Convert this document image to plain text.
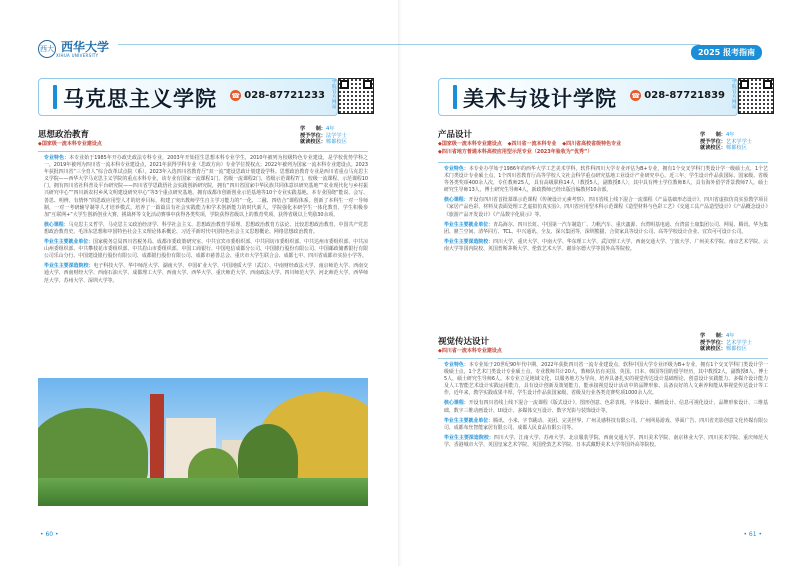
西大 西华大学
XIHUA UNIVERSITY
马克思主义学院 ☎ 028-87721233
学院官方网站
思想政治教育
◆国家级一流本科专业建设点
学　　制：4年
授予学位：法学学士
就读校区：郫都校区
专业特色：本专业始于1985年开办政史政法专科专业，2003年开始招生思想本科专业学生，2010年被列为校级特色专业建设，是学校优势学科之一。2019年被列为四川省一流本科专业建设点，2021年获得学科专业（思政方向）专业学位授权点；2022年被列为国家一流本科专业建设点。2023年获批四川省“三全育人”综合改革试点院（系）。2023年入选四川省教育厅“双一流”建设思政计划建设学科。思想政治教育专业是西川省重点马克思主义学院——西华大学马克思主义学院的重点本科专业，该专业有国家一流课程1门、省级一流课程2门、省级示范课程7门，校级一流课程、示范课程10门。拥有四川省社科普及平台研究院——四川省学思践悟社会实践创新研究院，拥有“四川省国家中华民族共同体意识研究基地”“农业现代化与乡村振兴研究中心”“四川新农村乡风文明建设研究中心”等3个重点研究基地。拥有成都市创新创业示范基地等10个专业实践基地。本专业围绕“能说、会写、善思、明辨、有情怀”的思政应用型人才的培养目标，构建了突出教师学生自主学习能力的“一化、二融、四结合”课程体系。创新了本科生一对一导师制，一对一考研辅导制等人才培养模式。培养了一篇篇具有社会实践能力和学术创新能力的时代新人，学院强化本研学生一体化教育，学生积极参加“互联网+”大学生创新创业大赛，挑战杯等文化活动赛事中获得各类奖项，学院获得省级以上的教育奖项，获得省级以上奖励30余项。
核心课程：马克思主义哲学、马克思主义政治经济学、科学社会主义、思想政治教育学原理、思想政治教育方法论、比较思想政治教育、中国共产党思想政治教育史、毛泽东思想和中国特色社会主义理论体系概论、习近平新时代中国特色社会主义思想概论、网络思想政治教育。
毕业生主要就业单位：国家税务总局四川省税务局、成都市委政策研究室、中共宜宾市委组织部、中共同坊市委组织部、中共达州市委组织部、中共凉山州委组织部、中共攀枝花市委组织部、中共眉山市委组织部、中国工商银行、中国电信成都分公司、中国银行股份有限公司、中国邮政储蓄银行有限公司乐山分行、中国建设银行股份有限公司、成都银行股份有限公司、成都市慈善总会、重庆市大学生联合会、成都七中、四川省成都市实验小学等。
毕业生主要深造院校：电子科技大学、华中师范大学、湖南大学、中国矿业大学、中国地质大学（武汉）、中南财经政法大学、南京师范大学、西南交通大学、西南财经大学、西南石油大学、成都理工大学、西南大学、西华大学、重庆师范大学、西南政法大学、四川师范大学、河北师范大学、西华师范大学、苏州大学、深圳大学等。
• 60 •
2025 报考指南
美术与设计学院 ☎ 028-87721839
学院官方网站
产品设计
◆国家级一流本科专业建设点 ◆四川省一流本科专业 ◆四川省高校省级特色专业 ◆四川省地方普通本科高校应用型示范专业（2023年验收为“优秀”）
学　　制：4年
授予学位：艺术学学士
就读校区：郫都校区
专业特色：本专业办学始于1986年的西华大学工艺美术学科，软件科四川大学专业评估为B+专业，拥有1个交叉学科门类设计学一级硕士点，1个艺术门类设计专业硕士点，1个四川省教育厅高等学校人文社会科学重点研究基地工业设计产业研究中心。近三年，学生设计作品获国际、国家级、省级等各类奖项400余人次，专任教师25人，具有高级职称14人（教授5人，副教授8人），其中具有博士学位教师8人，具有海外留学背景教师7人，硕士研究生导师13人，博士研究生导师4人，新政教师已经出版自编教材10余部。
核心课程：开设有四川省首批慕课示范课程《传统设计元素考察》，四川省线上线下混合一流课程《产品基础形态设计》，四川省虚拟仿真实验教学项目《家居产品色彩、材料及表面处理工艺虚拟仿真实验》、四川省应用型本科示范课程《造型材料与色彩工艺》《交通工具产品造型设计》《产品概念设计》《旅游产品开发设计》《产品数字化展示》等。
毕业生主要就业单位：青岛海尔、四川长虹、中国第一汽车制造厂、力帆汽车、重庆鑫源、台湾明基电通、台湾富士康集团公司、网易、腾讯、华为集团、鼎兰空间、清华同方、TCL、中兴通讯、全友、深兴集团等，深圳熊猫、合资家具等设计公司、高等学校设计企业、宜宾可可设计公司。
毕业生主要深造院校：四川大学、重庆大学、中南大学、华东理工大学、武汉理工大学、西南交通大学、宁波大学、广州美术学院、南京艺术学院、云南大学等国内院校、英国普斯茅斯大学、伦敦艺术大学、谢菲尔德大学等国外高等院校。
视觉传达设计
◆四川省一流本科专业建设点
学　　制：4年
授予学位：艺术学学士
就读校区：郫都校区
专业特色：本专业始于20世纪90年代中期，2022年获批四川省一流专业建设点，软科中国大学专业评级为B+专业，拥有1个交叉学科门类设计学一级硕士点，1个艺术门类设计专业硕士点，专业教师共计20人，教师队伍有美国、英国、日本、韩国等国的留学经历，其中教授2人，副教授8人，博士5人，硕士研究生导师6人。本专业立足地域文化，以服务地方为导向，培养具备扎实的视觉传达设计基础理论、创意设计实践能力、多媒介设计能力及人工智能艺术设计实践运用能力，具有设计创新及策划能力，能承接视觉设计活动中的品牌形象、具备良好的人文素养和能从事视觉传达设计等工作，近年来，教学实践成果丰厚，学生设计作品获国家级、省级及行业各类竞赛奖项1000余人次。
核心课程：开设有四川省线上线下混合一流课程《版式设计》，图形创意、色彩表现、字体设计、插画设计、信息可视化设计、品牌形象设计、三维基础、数字三维动画设计、UI设计、多媒体交互设计、数字光影与装饰设计等。
毕业生主要就业单位：腾讯、小米、字节跳动、美团、完美世界、广州灵感科技有限公司、广州网易游戏、界面广告、四川省光影创意文化传媒有限公司、成都布丝智能家居有限公司、成都人民食品有限公司等。
毕业生主要深造院校：四川大学、江南大学、苏州大学、北京服装学院、西南交通大学、四川美术学院、南京林业大学、四川美术学院、重庆师范大学、香港城市大学、英国皇家艺术学院、英国伦敦艺术学院、日本武藏野美术大学等国外高等院校。
• 61 •
